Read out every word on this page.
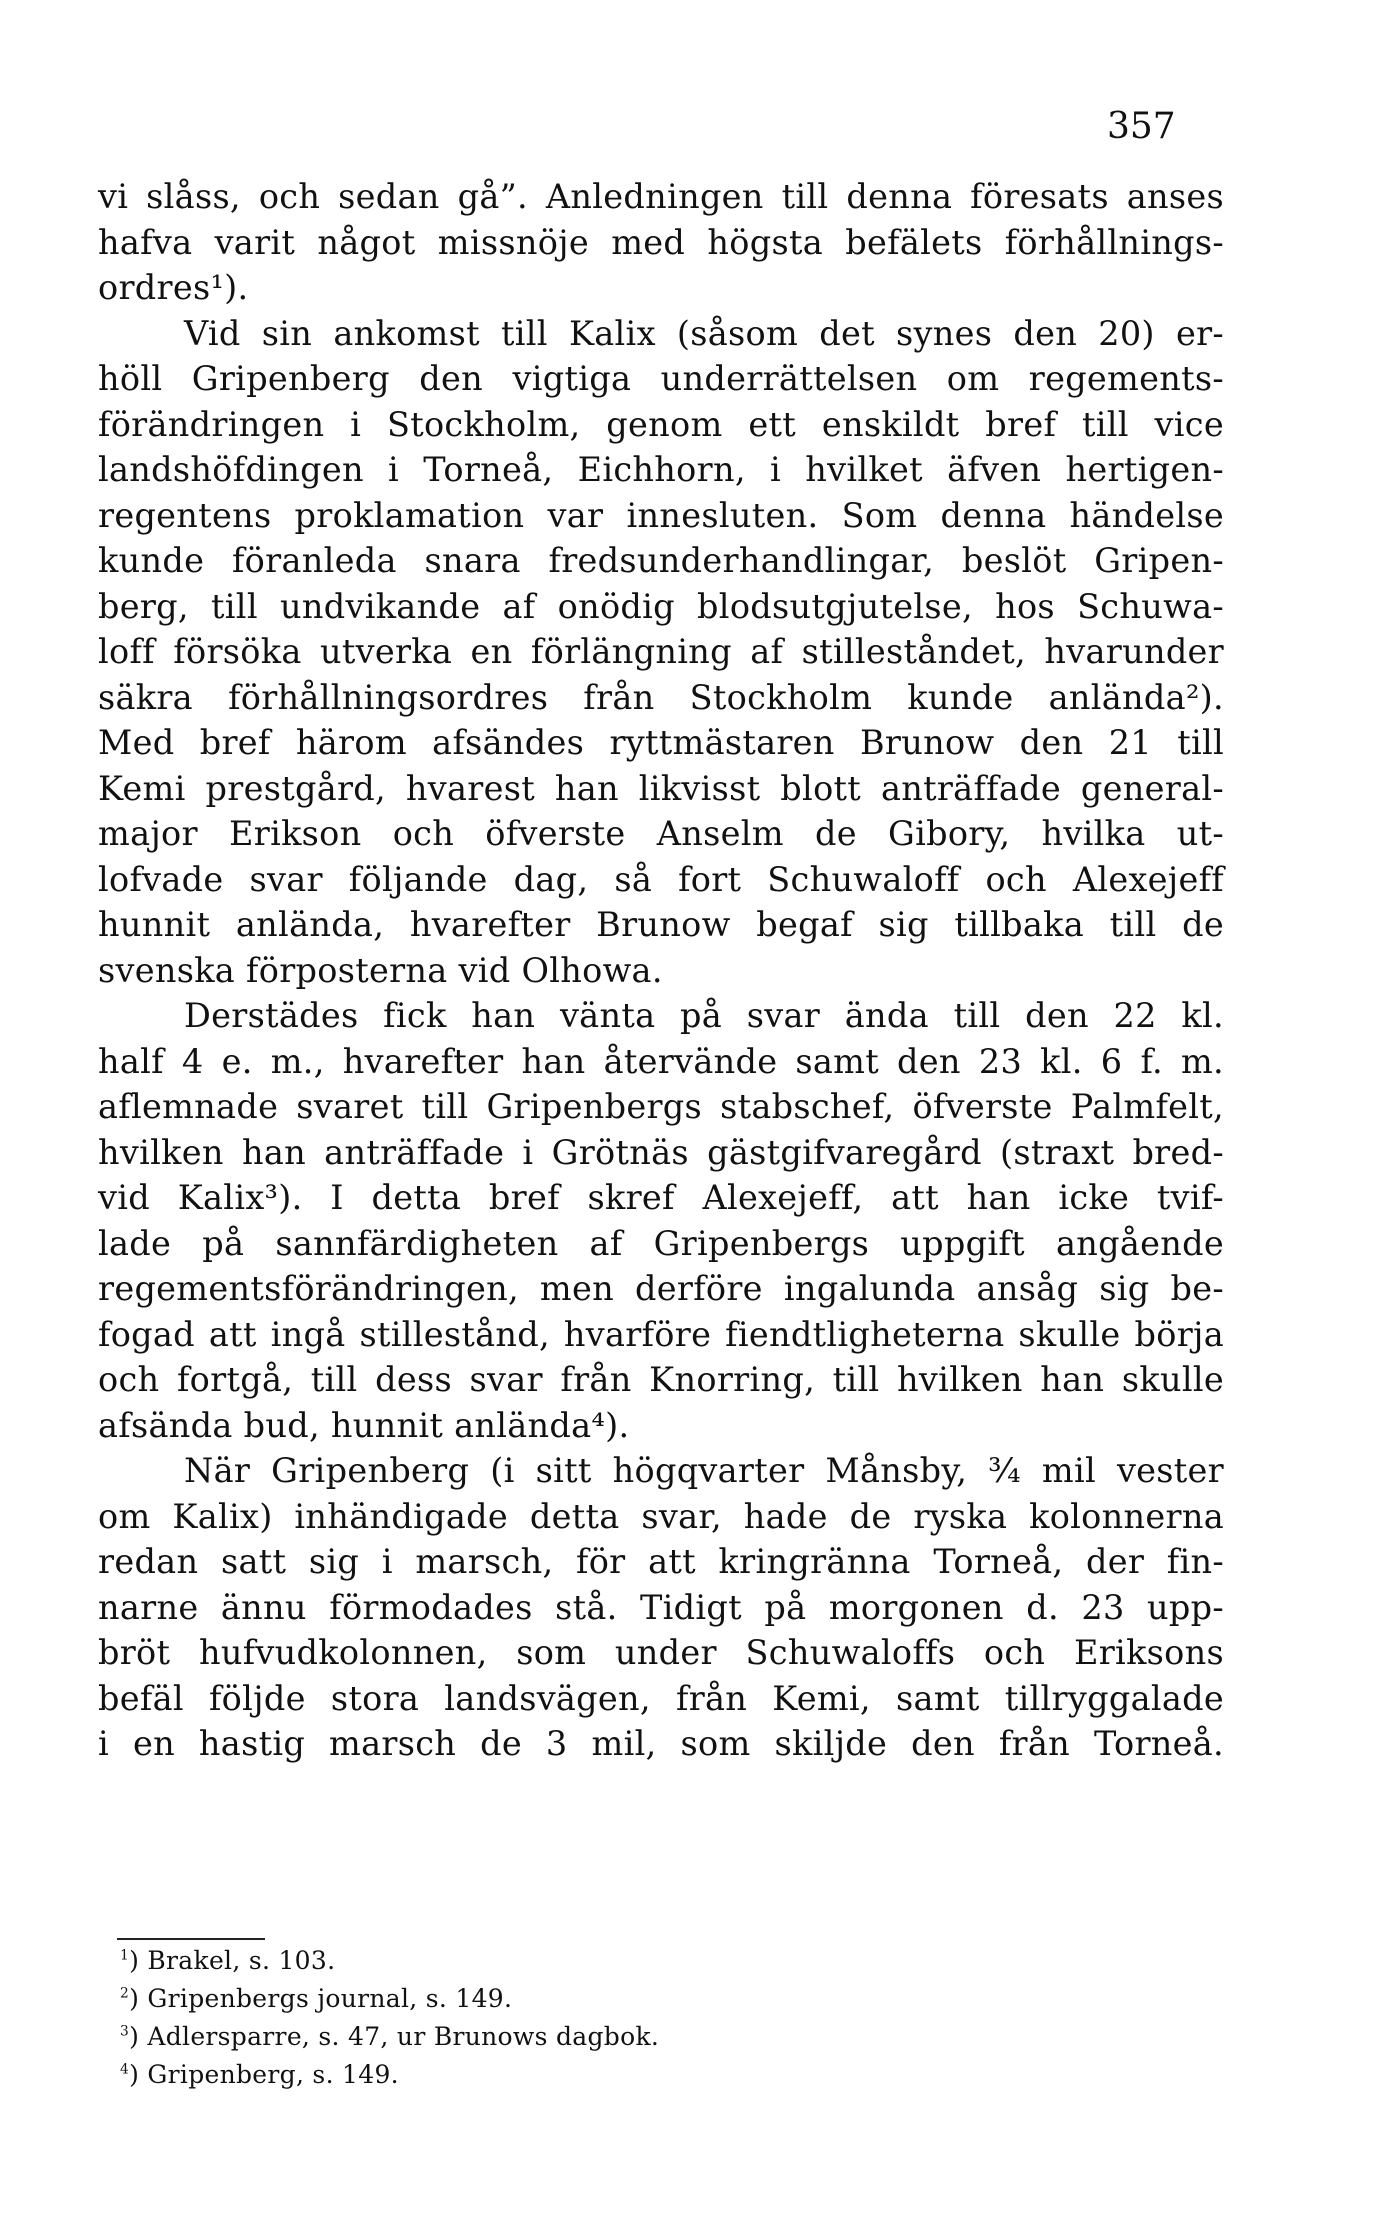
357
vi slåss, och sedan gå”. Anledningen till denna föresats anses
hafva varit något missnöje med högsta befälets förhållnings-
ordres¹).
Vid sin ankomst till Kalix (såsom det synes den 20) er-
höll Gripenberg den vigtiga underrättelsen om regements-
förändringen i Stockholm, genom ett enskildt bref till vice
landshöfdingen i Torneå, Eichhorn, i hvilket äfven hertigen-
regentens proklamation var innesluten. Som denna händelse
kunde föranleda snara fredsunderhandlingar, beslöt Gripen-
berg, till undvikande af onödig blodsutgjutelse, hos Schuwa-
loff försöka utverka en förlängning af stilleståndet, hvarunder
säkra förhållningsordres från Stockholm kunde anlända²).
Med bref härom afsändes ryttmästaren Brunow den 21 till
Kemi prestgård, hvarest han likvisst blott anträffade general-
major Erikson och öfverste Anselm de Gibory, hvilka ut-
lofvade svar följande dag, så fort Schuwaloff och Alexejeff
hunnit anlända, hvarefter Brunow begaf sig tillbaka till de
svenska förposterna vid Olhowa.
Derstädes fick han vänta på svar ända till den 22 kl.
half 4 e. m., hvarefter han återvände samt den 23 kl. 6 f. m.
aflemnade svaret till Gripenbergs stabschef, öfverste Palmfelt,
hvilken han anträffade i Grötnäs gästgifvaregård (straxt bred-
vid Kalix³). I detta bref skref Alexejeff, att han icke tvif-
lade på sannfärdigheten af Gripenbergs uppgift angående
regementsförändringen, men derföre ingalunda ansåg sig be-
fogad att ingå stillestånd, hvarföre fiendtligheterna skulle börja
och fortgå, till dess svar från Knorring, till hvilken han skulle
afsända bud, hunnit anlända⁴).
När Gripenberg (i sitt högqvarter Månsby, ¾ mil vester
om Kalix) inhändigade detta svar, hade de ryska kolonnerna
redan satt sig i marsch, för att kringränna Torneå, der fin-
narne ännu förmodades stå. Tidigt på morgonen d. 23 upp-
bröt hufvudkolonnen, som under Schuwaloffs och Eriksons
befäl följde stora landsvägen, från Kemi, samt tillryggalade
i en hastig marsch de 3 mil, som skiljde den från Torneå.
$^1$) Brakel, s. 103.
$^2$) Gripenbergs journal, s. 149.
$^3$) Adlersparre, s. 47, ur Brunows dagbok.
$^4$) Gripenberg, s. 149.
